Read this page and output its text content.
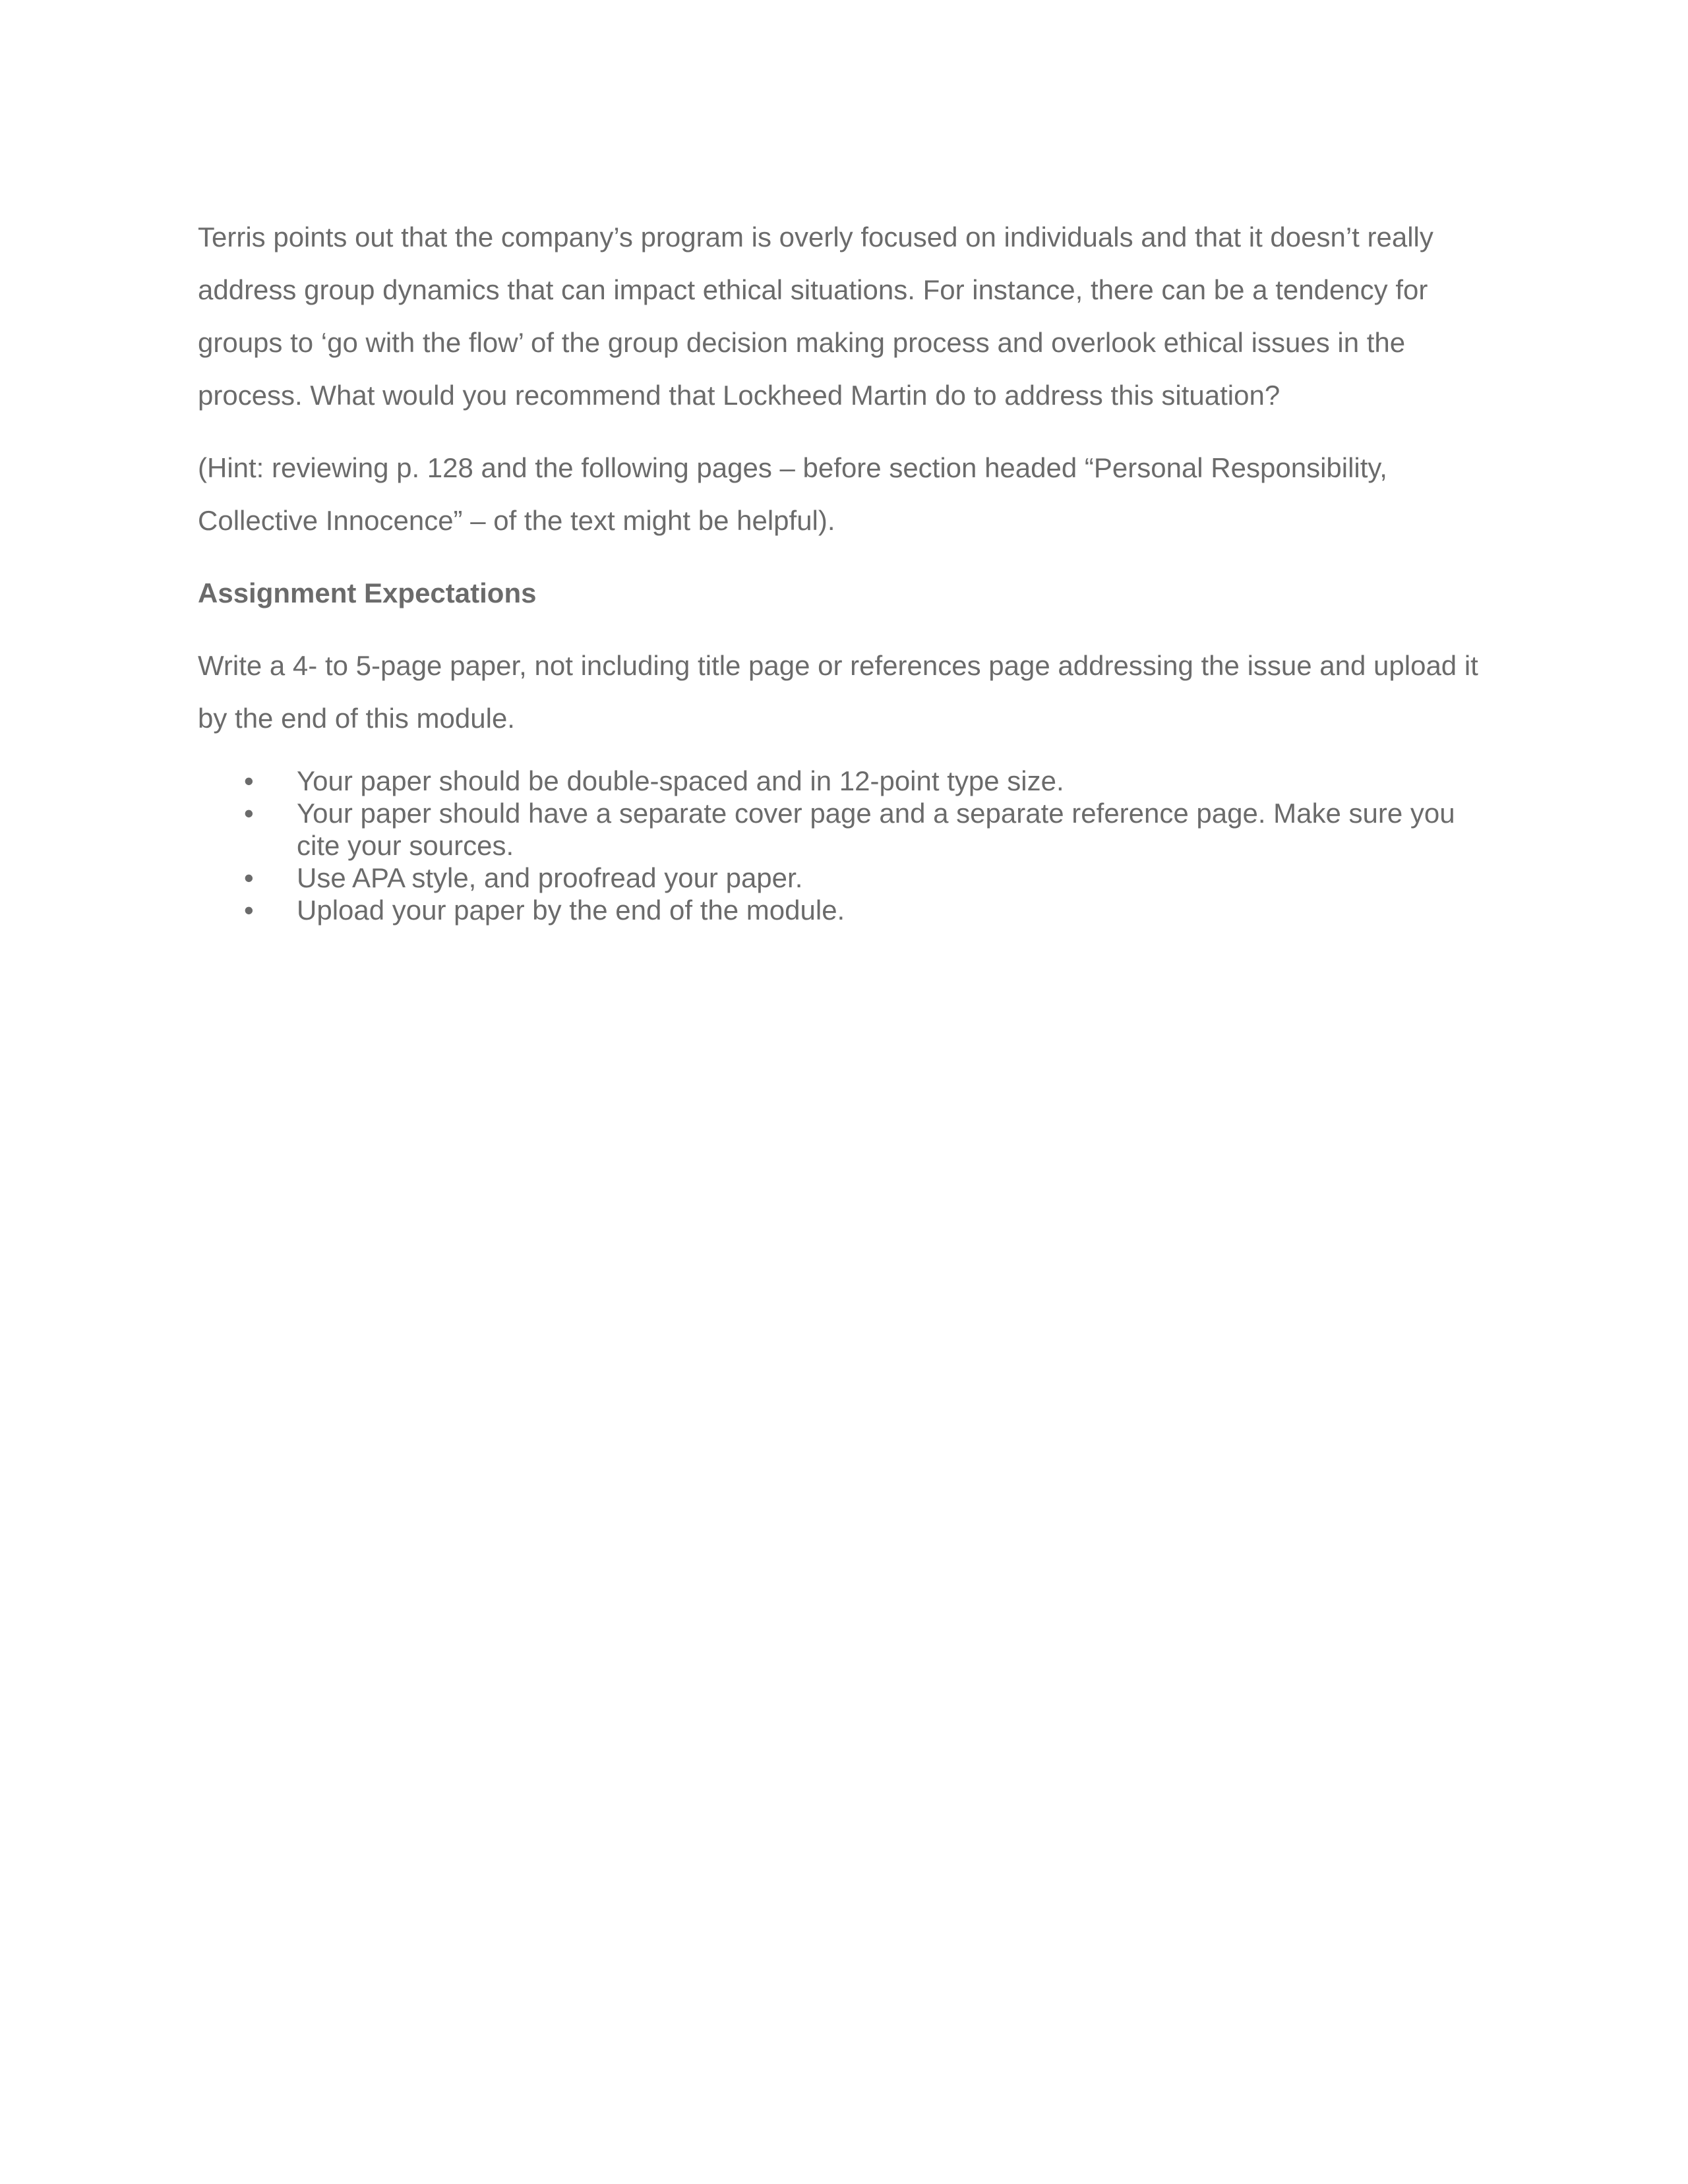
Terris points out that the company’s program is overly focused on individuals and that it doesn’t really address group dynamics that can impact ethical situations. For instance, there can be a tendency for groups to ‘go with the flow’ of the group decision making process and overlook ethical issues in the process. What would you recommend that Lockheed Martin do to address this situation?

(Hint: reviewing p. 128 and the following pages – before section headed “Personal Responsibility, Collective Innocence” – of the text might be helpful).

Assignment Expectations

Write a 4- to 5-page paper, not including title page or references page addressing the issue and upload it by the end of this module.

• Your paper should be double-spaced and in 12-point type size.
• Your paper should have a separate cover page and a separate reference page. Make sure you cite your sources.
• Use APA style, and proofread your paper.
• Upload your paper by the end of the module.
